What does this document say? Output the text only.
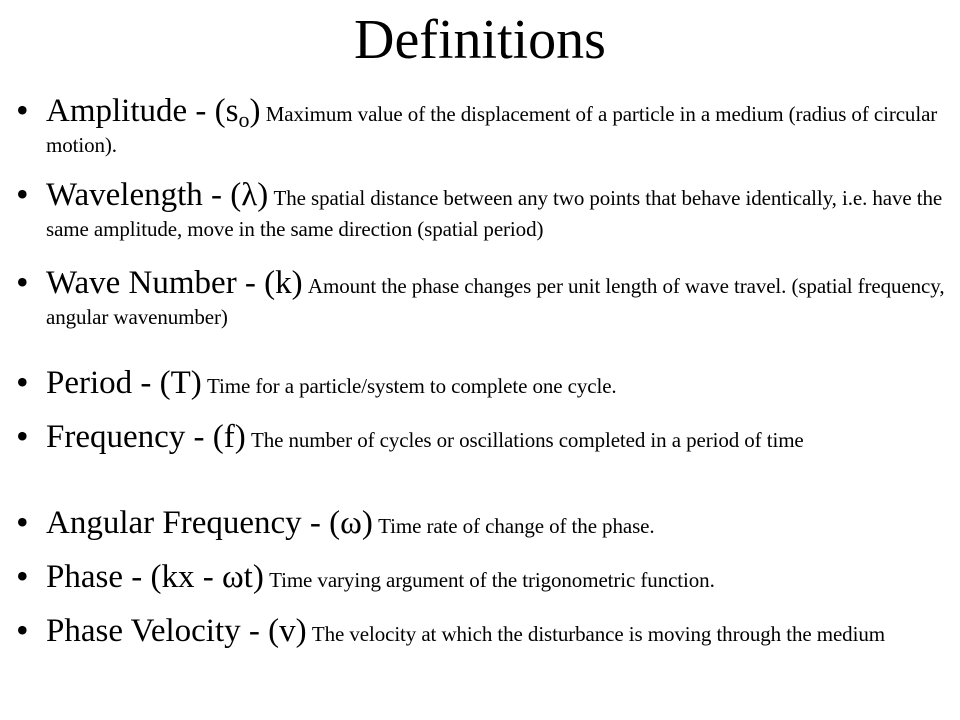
Definitions
• Amplitude - $(s_o)$ Maximum value of the displacement of a particle in a medium (radius of circular motion).
• Wavelength - (λ) The spatial distance between any two points that behave identically, i.e. have the same amplitude, move in the same direction (spatial period)
• Wave Number - (k) Amount the phase changes per unit length of wave travel. (spatial frequency, angular wavenumber)
• Period - (T) Time for a particle/system to complete one cycle.
• Frequency - (f) The number of cycles or oscillations completed in a period of time
• Angular Frequency - (ω) Time rate of change of the phase.
• Phase - (kx - ωt) Time varying argument of the trigonometric function.
• Phase Velocity - (v) The velocity at which the disturbance is moving through the medium
